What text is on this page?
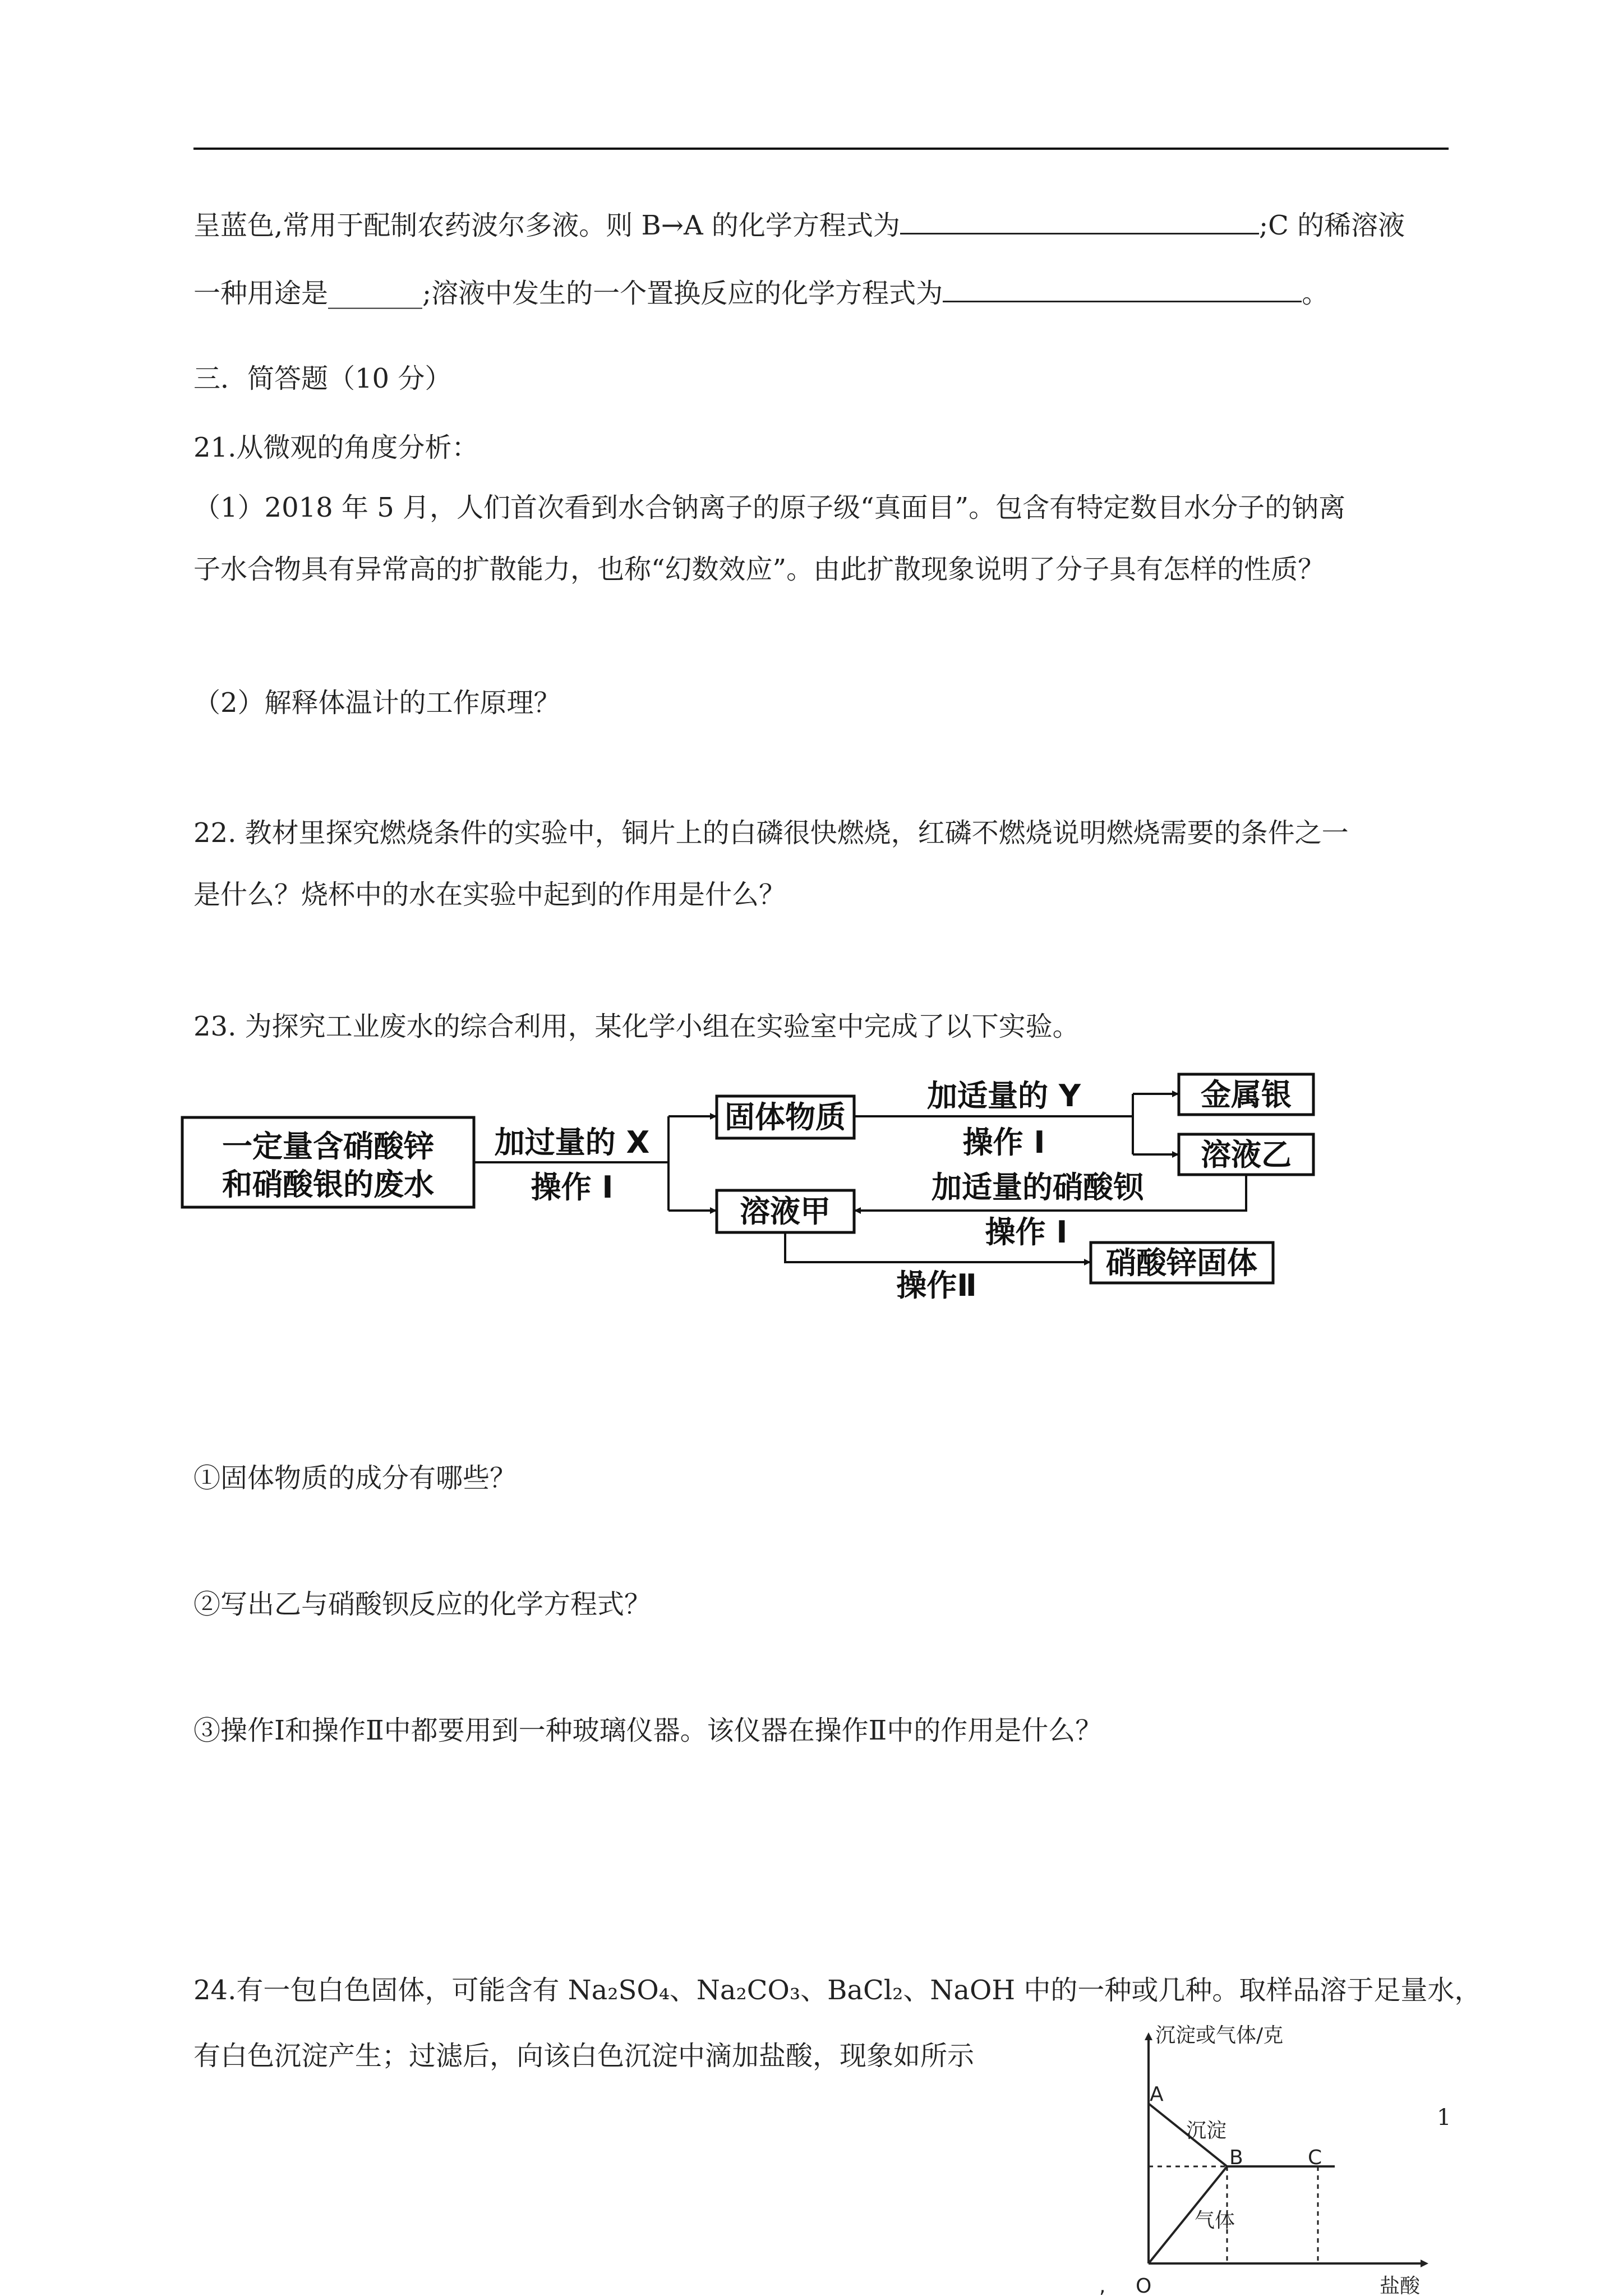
呈蓝色,常用于配制农药波尔多液。则 B→A 的化学方程式为	;C 的稀溶液
一种用途是_______;溶液中发生的一个置换反应的化学方程式为	。
三．简答题（10 分）
21.从微观的角度分析：
（1）2018 年 5 月，人们首次看到水合钠离子的原子级“真面目”。包含有特定数目水分子的钠离
子水合物具有异常高的扩散能力，也称“幻数效应”。由此扩散现象说明了分子具有怎样的性质？
（2）解释体温计的工作原理？
22. 教材里探究燃烧条件的实验中，铜片上的白磷很快燃烧，红磷不燃烧说明燃烧需要的条件之一
是什么？烧杯中的水在实验中起到的作用是什么？
23. 为探究工业废水的综合利用，某化学小组在实验室中完成了以下实验。
一定量含硝酸锌
和硝酸银的废水
加过量的 X
操作 I
固体物质
加适量的 Y
操作 I
金属银
溶液乙
加适量的硝酸钡
操作 I
溶液甲
操作Ⅱ
硝酸锌固体
①固体物质的成分有哪些？
②写出乙与硝酸钡反应的化学方程式？
③操作Ⅰ和操作Ⅱ中都要用到一种玻璃仪器。该仪器在操作Ⅱ中的作用是什么？
24.有一包白色固体，可能含有 Na₂SO₄、Na₂CO₃、BaCl₂、NaOH 中的一种或几种。取样品溶于足量水，
有白色沉淀产生；过滤后，向该白色沉淀中滴加盐酸，现象如所示
沉淀或气体/克
A
沉淀
B	C
气体
O	盐酸
,
1
